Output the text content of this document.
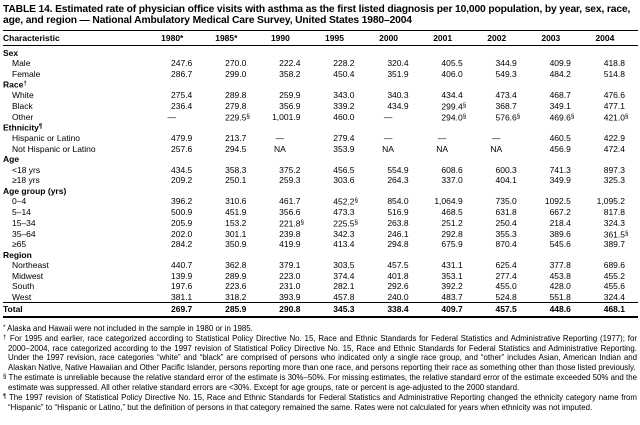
TABLE 14. Estimated rate of physician office visits with asthma as the first listed diagnosis per 10,000 population, by year, sex, race, age, and region — National Ambulatory Medical Care Survey, United States 1980–2004
Characteristic	1980*	1985*	1990	1995	2000	2001	2002	2003	2004
Sex									
Male	247.6	270.0	222.4	228.2	320.4	405.5	344.9	409.9	418.8
Female	286.7	299.0	358.2	450.4	351.9	406.0	549.3	484.2	514.8
Race†
White	275.4	289.8	259.9	343.0	340.3	434.4	473.4	468.7	476.6
Black	236.4	279.8	356.9	339.2	434.9	299.4§	368.7	349.1	477.1
Other	—	229.5§	1,001.9	460.0	—	294.0§	576.6§	469.6§	421.0§
Ethnicity¶
Hispanic or Latino	479.9	213.7	—	279.4	—	—	—	460.5	422.9
Not Hispanic or Latino	257.6	294.5	NA	353.9	NA	NA	NA	456.9	472.4
Age									
<18 yrs	434.5	358.3	375.2	456.5	554.9	608.6	600.3	741.3	897.3
≥18 yrs	209.2	250.1	259.3	303.6	264.3	337.0	404.1	349.9	325.3
Age group (yrs)									
0–4	396.2	310.6	461.7	452.2§	854.0	1,064.9	735.0	1092.5	1,095.2
5–14	500.9	451.9	356.6	473.3	516.9	468.5	631.8	667.2	817.8
15–34	205.9	153.2	221.8§	225.5§	263.8	251.2	250.4	218.4	324.3
35–64	202.0	301.1	239.8	342.3	246.1	292.8	355.3	389.6	361.5§
≥65	284.2	350.9	419.9	413.4	294.8	675.9	870.4	545.6	389.7
Region									
Northeast	440.7	362.8	379.1	303.5	457.5	431.1	625.4	377.8	689.6
Midwest	139.9	289.9	223.0	374.4	401.8	353.1	277.4	453.8	455.2
South	197.6	223.6	231.0	282.1	292.6	392.2	455.0	428.0	455.6
West	381.1	318.2	393.9	457.8	240.0	483.7	524.8	551.8	324.4
Total	269.7	285.9	290.8	345.3	338.4	409.7	457.5	448.6	468.1
* Alaska and Hawaii were not included in the sample in 1980 or in 1985.
† For 1995 and earlier, race categorized according to Statistical Policy Directive No. 15, Race and Ethnic Standards for Federal Statistics and Administrative Reporting (1977); for 2000–2004, race categorized according to the 1997 revision of Statistical Policy Directive No. 15, Race and Ethnic Standards for Federal Statistics and Administrative Reporting. Under the 1997 revision, race categories “white” and “black” are comprised of persons who indicated only a single race group, and “other” includes Asian, American Indian and Alaskan Native, Native Hawaiian and Other Pacific Islander, persons reporting more than one race, and persons reporting their race as something other than those listed previously.
§ The estimate is unreliable because the relative standard error of the estimate is 30%–50%. For missing estimates, the relative standard error of the estimate exceeded 50% and the estimate was suppressed. All other relative standard errors are <30%. Except for age groups, rate or percent is age-adjusted to the 2000 standard.
¶ The 1997 revision of Statistical Policy Directive No. 15, Race and Ethnic Standards for Federal Statistics and Administrative Reporting changed the ethnicity category name from “Hispanic” to “Hispanic or Latino,” but the definition of persons in that category remained the same. Rates were not calculated for years when ethnicity was not imputed.
